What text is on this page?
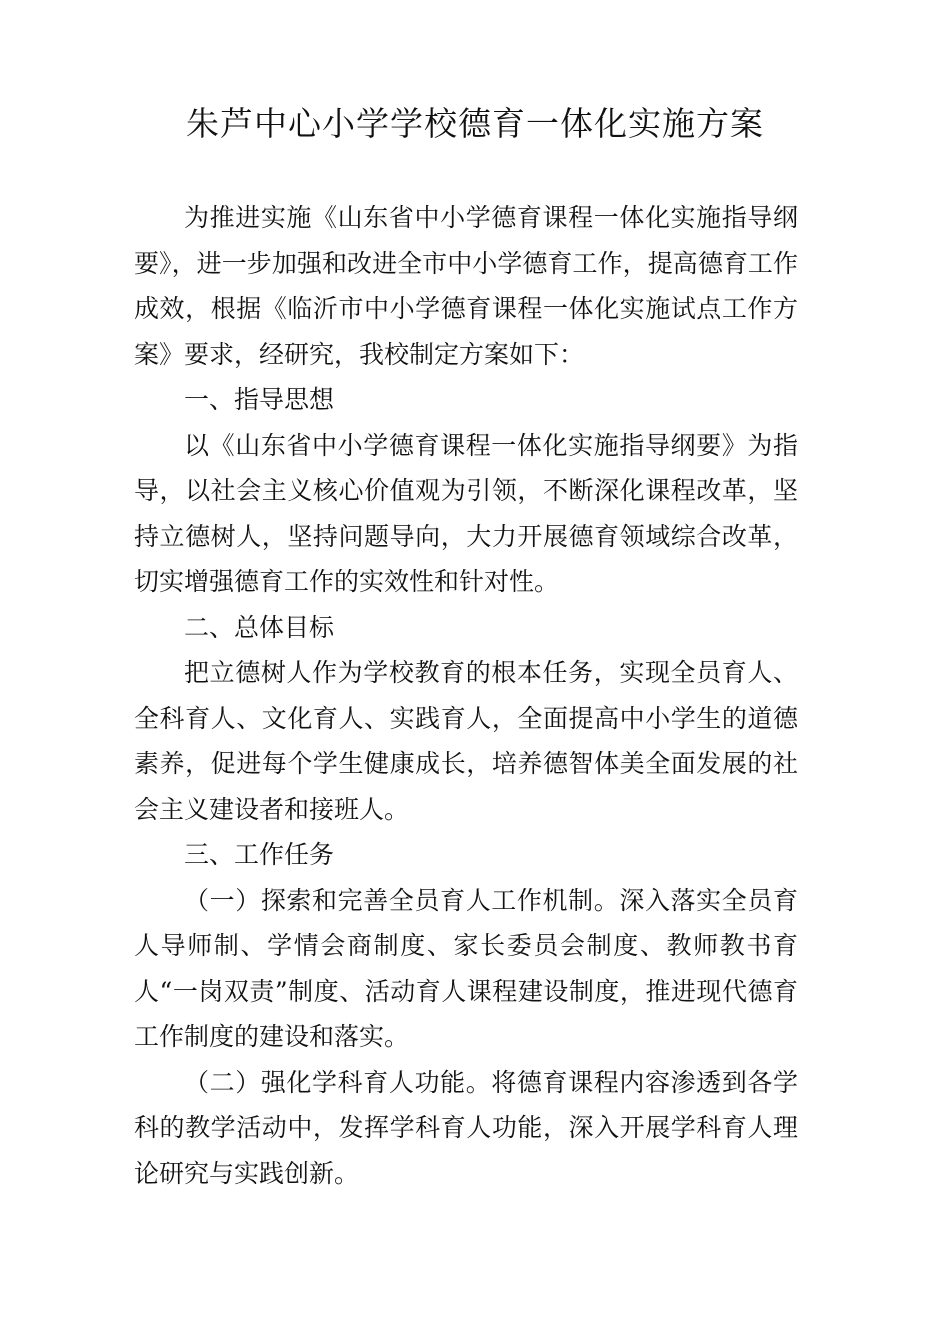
朱芦中心小学学校德育一体化实施方案

为推进实施《山东省中小学德育课程一体化实施指导纲要》，进一步加强和改进全市中小学德育工作，提高德育工作成效，根据《临沂市中小学德育课程一体化实施试点工作方案》要求，经研究，我校制定方案如下：

一、指导思想

以《山东省中小学德育课程一体化实施指导纲要》为指导，以社会主义核心价值观为引领，不断深化课程改革，坚持立德树人，坚持问题导向，大力开展德育领域综合改革，切实增强德育工作的实效性和针对性。

二、总体目标

把立德树人作为学校教育的根本任务，实现全员育人、全科育人、文化育人、实践育人，全面提高中小学生的道德素养，促进每个学生健康成长，培养德智体美全面发展的社会主义建设者和接班人。

三、工作任务

（一）探索和完善全员育人工作机制。深入落实全员育人导师制、学情会商制度、家长委员会制度、教师教书育人“一岗双责”制度、活动育人课程建设制度，推进现代德育工作制度的建设和落实。

（二）强化学科育人功能。将德育课程内容渗透到各学科的教学活动中，发挥学科育人功能，深入开展学科育人理论研究与实践创新。
